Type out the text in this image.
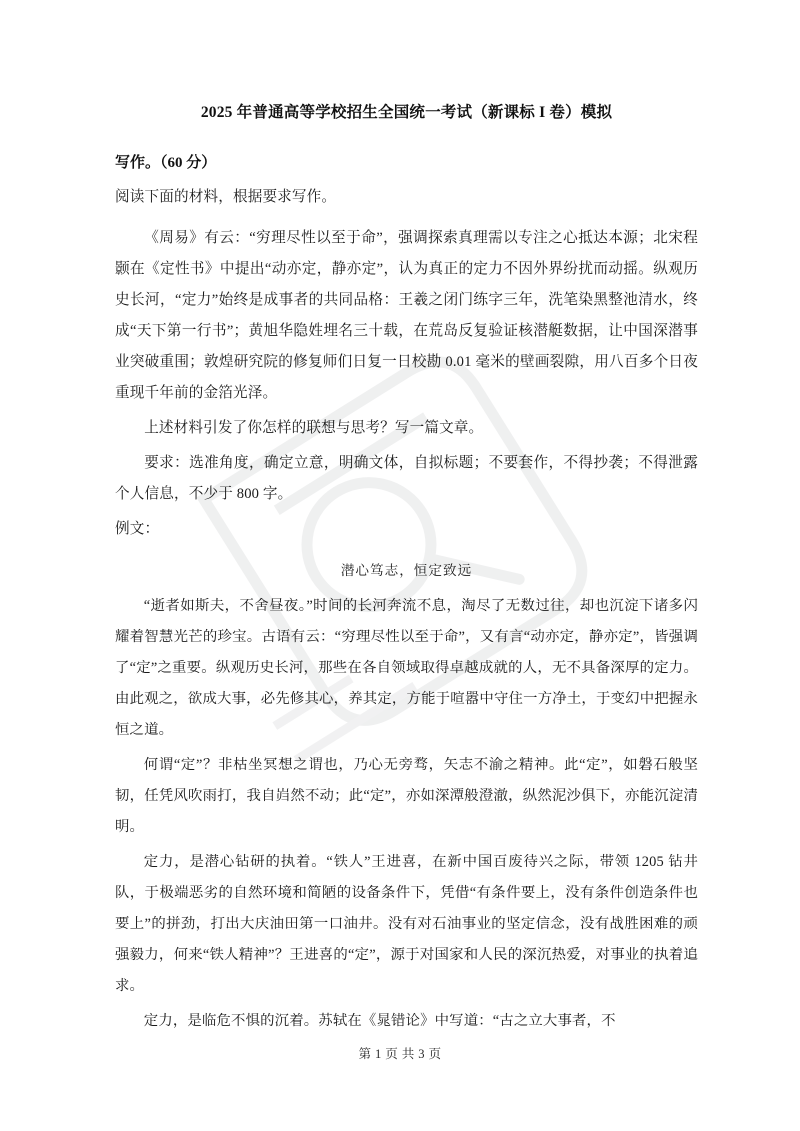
2025 年普通高等学校招生全国统一考试（新课标 I 卷）模拟

写作。（60 分）

阅读下面的材料，根据要求写作。

《周易》有云：“穷理尽性以至于命”，强调探索真理需以专注之心抵达本源；北宋程颢在《定性书》中提出“动亦定，静亦定”，认为真正的定力不因外界纷扰而动摇。纵观历史长河，“定力”始终是成事者的共同品格：王羲之闭门练字三年，洗笔染黑整池清水，终成“天下第一行书”；黄旭华隐姓埋名三十载，在荒岛反复验证核潜艇数据，让中国深潜事业突破重围；敦煌研究院的修复师们日复一日校勘 0.01 毫米的壁画裂隙，用八百多个日夜重现千年前的金箔光泽。

上述材料引发了你怎样的联想与思考？写一篇文章。

要求：选准角度，确定立意，明确文体，自拟标题；不要套作，不得抄袭；不得泄露个人信息，不少于 800 字。

例文：

潜心笃志，恒定致远

“逝者如斯夫，不舍昼夜。”时间的长河奔流不息，淘尽了无数过往，却也沉淀下诸多闪耀着智慧光芒的珍宝。古语有云：“穷理尽性以至于命”，又有言“动亦定，静亦定”，皆强调了“定”之重要。纵观历史长河，那些在各自领域取得卓越成就的人，无不具备深厚的定力。由此观之，欲成大事，必先修其心，养其定，方能于喧嚣中守住一方净土，于变幻中把握永恒之道。

何谓“定”？非枯坐冥想之谓也，乃心无旁骛，矢志不渝之精神。此“定”，如磐石般坚韧，任凭风吹雨打，我自岿然不动；此“定”，亦如深潭般澄澈，纵然泥沙俱下，亦能沉淀清明。

定力，是潜心钻研的执着。“铁人”王进喜，在新中国百废待兴之际，带领 1205 钻井队，于极端恶劣的自然环境和简陋的设备条件下，凭借“有条件要上，没有条件创造条件也要上”的拼劲，打出大庆油田第一口油井。没有对石油事业的坚定信念，没有战胜困难的顽强毅力，何来“铁人精神”？王进喜的“定”，源于对国家和人民的深沉热爱，对事业的执着追求。

定力，是临危不惧的沉着。苏轼在《晁错论》中写道：“古之立大事者，不

第 1 页 共 3 页
